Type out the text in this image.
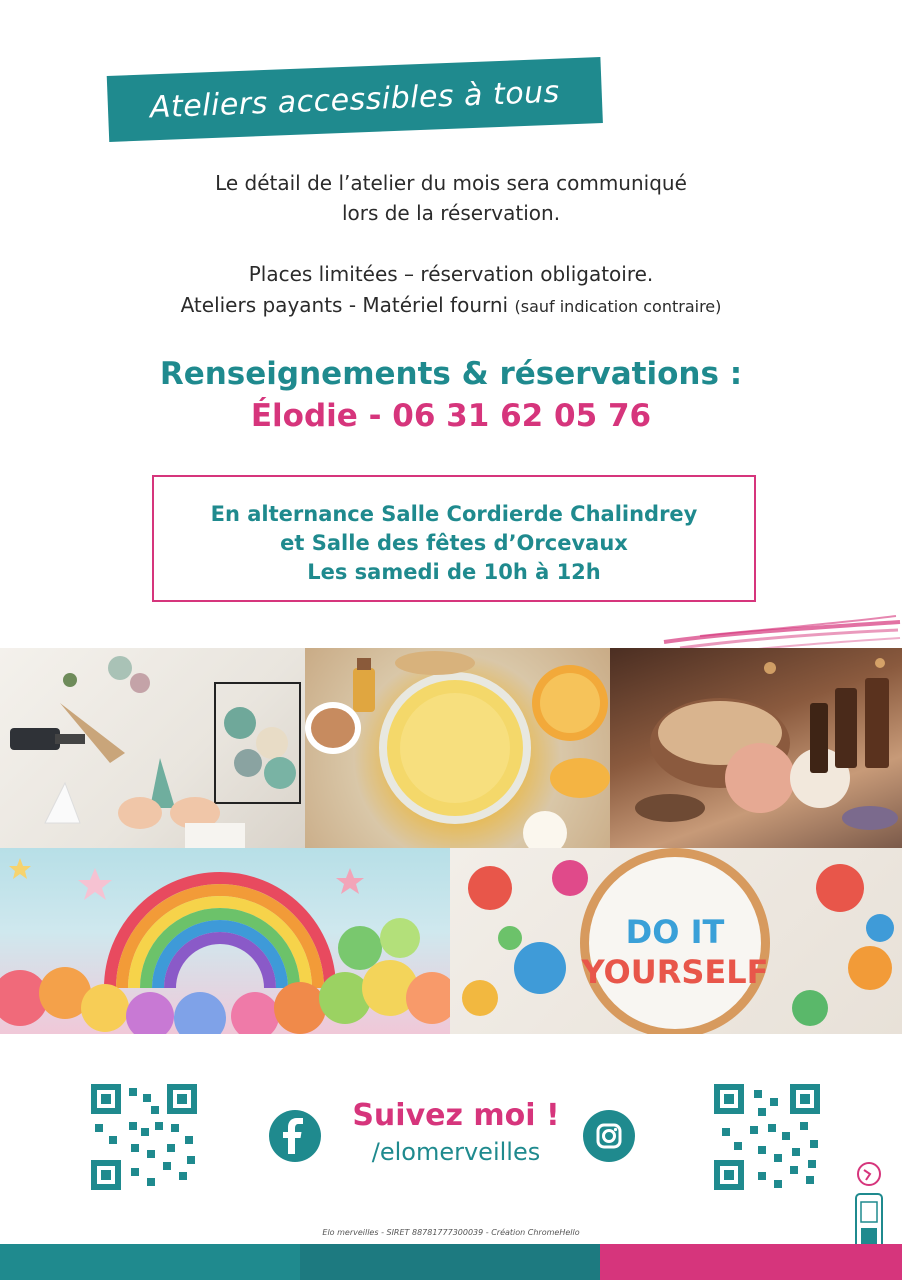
Ateliers accessibles à tous
Le détail de l’atelier du mois sera communiqué
lors de la réservation.
Places limitées – réservation obligatoire.
Ateliers payants - Matériel fourni (sauf indication contraire)
Renseignements & réservations :
Élodie - 06 31 62 05 76
En alternance Salle Cordierde Chalindrey
et Salle des fêtes d’Orcevaux
Les samedi de 10h à 12h
DO IT
YOURSELF
Suivez moi !
/elomerveilles
Elo merveilles - SIRET 88781777300039 - Création ChromeHello
